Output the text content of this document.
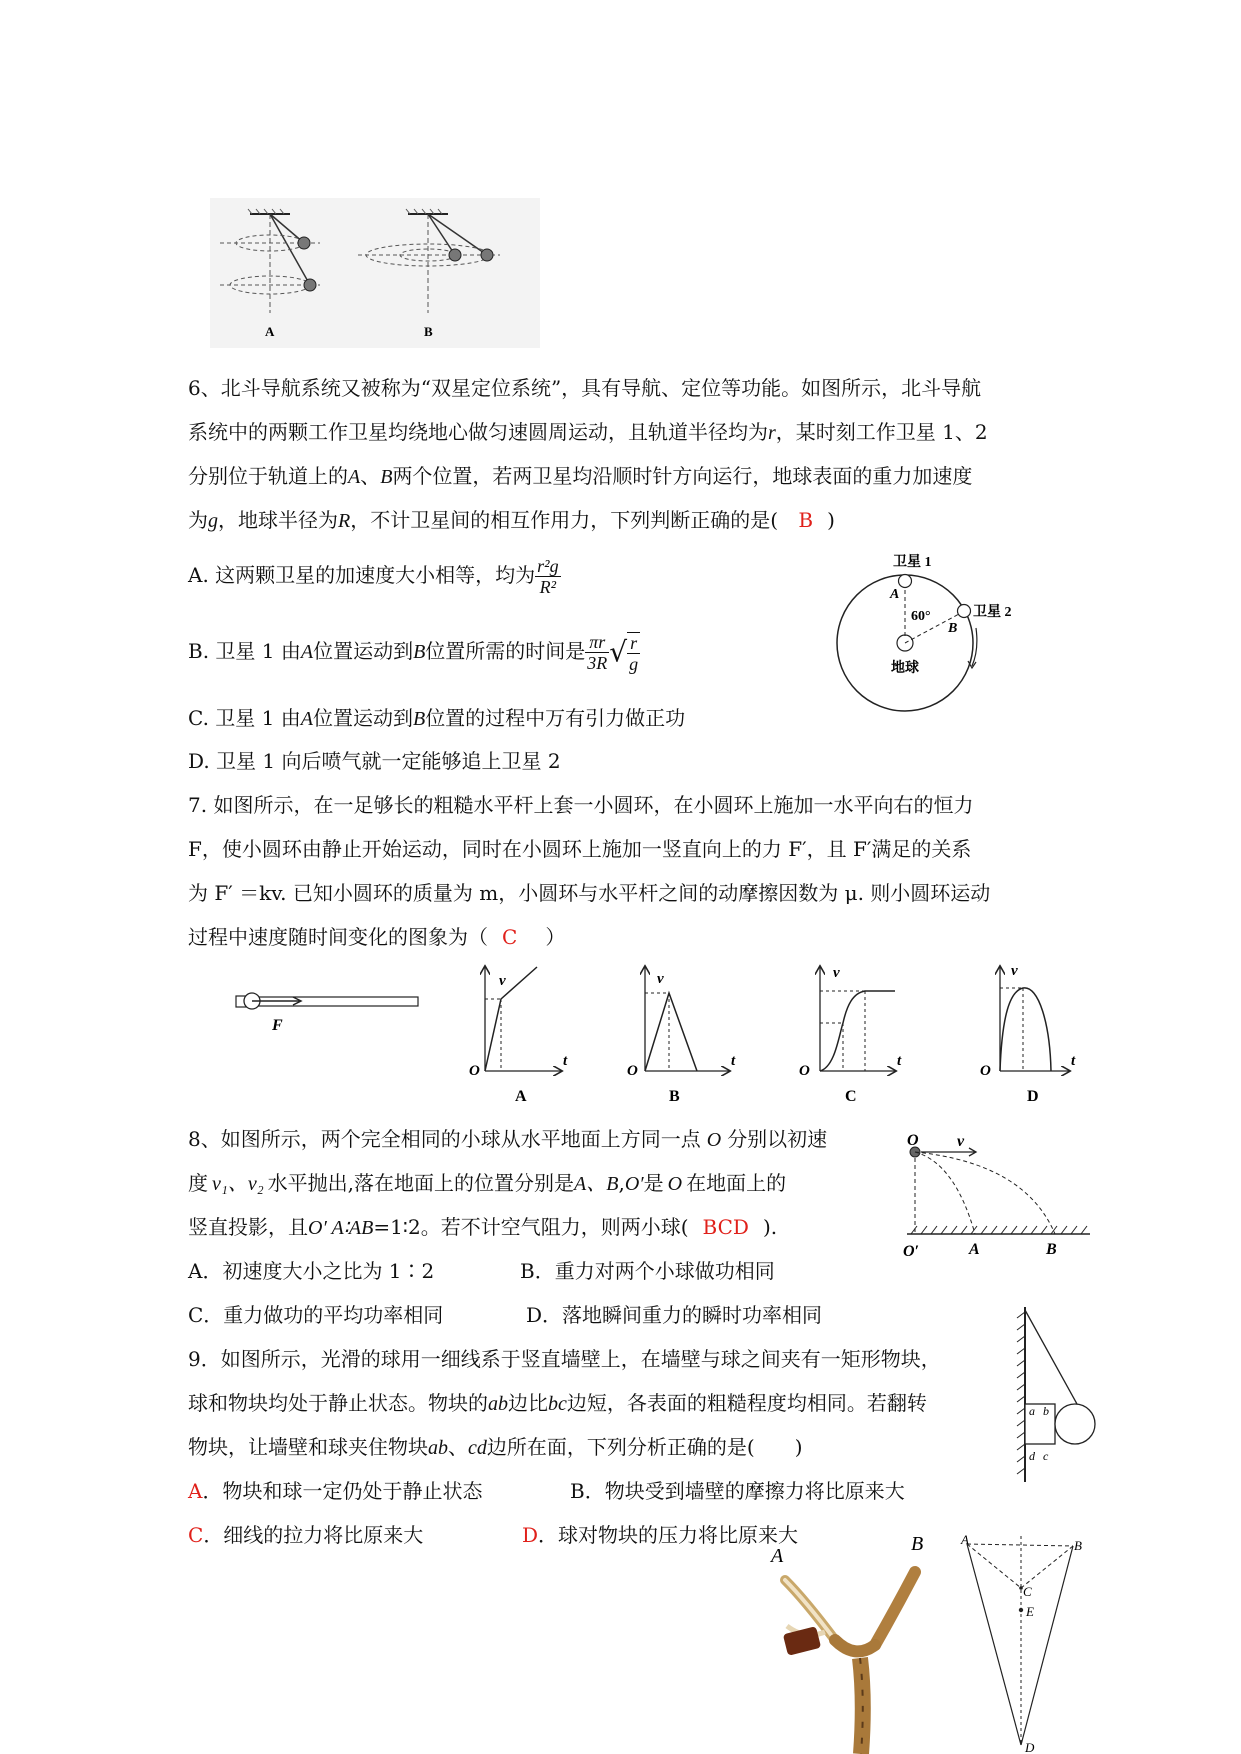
A	B
6、北斗导航系统又被称为“双星定位系统”，具有导航、定位等功能。如图所示，北斗导航
系统中的两颗工作卫星均绕地心做匀速圆周运动，且轨道半径均为r，某时刻工作卫星 1、2
分别位于轨道上的A、B两个位置，若两卫星均沿顺时针方向运行，地球表面的重力加速度
为g，地球半径为R，不计卫星间的相互作用力，下列判断正确的是( B )
A. 这两颗卫星的加速度大小相等，均为 $\frac{\text{r²g}}{\text{R²}}$
B. 卫星 1 由A位置运动到B位置所需的时间是 $\frac{\pi r}{3R}$ √ $\frac{r}{g}$
C. 卫星 1 由A位置运动到B位置的过程中万有引力做正功
D. 卫星 1 向后喷气就一定能够追上卫星 2
卫星 1
卫星 2
A
B
60°
地球
7. 如图所示，在一足够长的粗糙水平杆上套一小圆环，在小圆环上施加一水平向右的恒力
F，使小圆环由静止开始运动，同时在小圆环上施加一竖直向上的力 F′，且 F′满足的关系
为 F′ ＝kv. 已知小圆环的质量为 m，小圆环与水平杆之间的动摩擦因数为 μ. 则小圆环运动
过程中速度随时间变化的图象为（ C ）
F
O
v
t
A
O
v
t
B
O
v
t
C
O
v
t
D
8、如图所示，两个完全相同的小球从水平地面上方同一点 O 分别以初速
度 v₁、v₂ 水平抛出,落在地面上的位置分别是A、B,O′是 O 在地面上的
竖直投影，且O′ A∶AB=1∶2。若不计空气阻力，则两小球( BCD ).
A．初速度大小之比为 1∶2	B．重力对两个小球做功相同
C．重力做功的平均功率相同	D．落地瞬间重力的瞬时功率相同
O v
O′	A	B
9．如图所示，光滑的球用一细线系于竖直墙壁上，在墙壁与球之间夹有一矩形物块，
球和物块均处于静止状态。物块的ab边比bc边短，各表面的粗糙程度均相同。若翻转
物块，让墙壁和球夹住物块ab、cd边所在面，下列分析正确的是(　　)
A．物块和球一定仍处于静止状态	B．物块受到墙壁的摩擦力将比原来大
C．细线的拉力将比原来大	D．球对物块的压力将比原来大
a b
d c
A
B	A	B
C
E
D
